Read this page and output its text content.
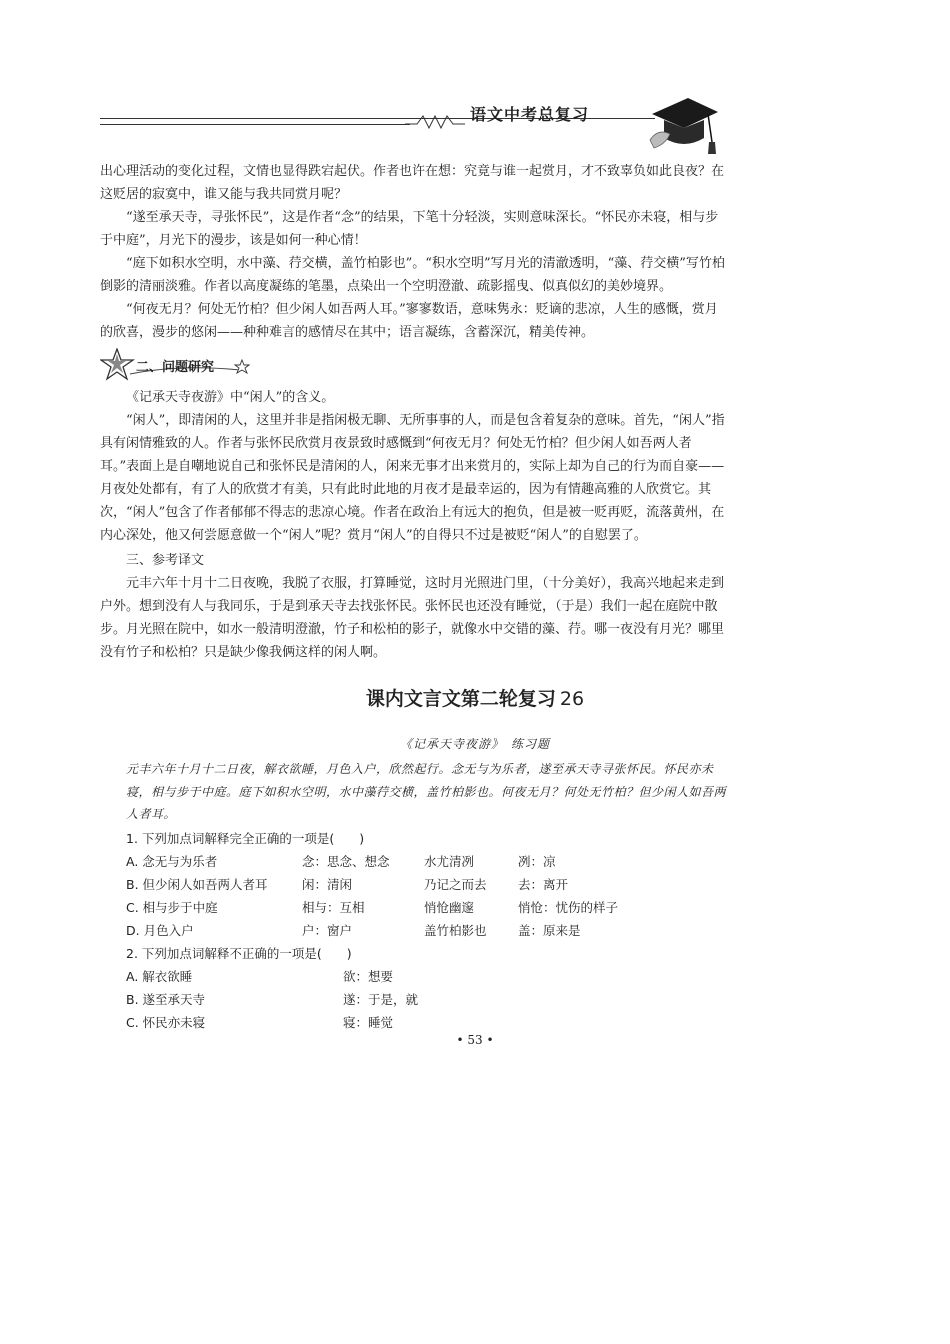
语文中考总复习

出心理活动的变化过程，文情也显得跌宕起伏。作者也许在想：究竟与谁一起赏月，才不致辜负如此良夜？在这贬居的寂寞中，谁又能与我共同赏月呢？

“遂至承天寺，寻张怀民”，这是作者“念”的结果，下笔十分轻淡，实则意味深长。“怀民亦未寝，相与步于中庭”，月光下的漫步，该是如何一种心情！

“庭下如积水空明，水中藻、荇交横，盖竹柏影也”。“积水空明”写月光的清澈透明，“藻、荇交横”写竹柏倒影的清丽淡雅。作者以高度凝练的笔墨，点染出一个空明澄澈、疏影摇曳、似真似幻的美妙境界。

“何夜无月？何处无竹柏？但少闲人如吾两人耳。”寥寥数语，意味隽永：贬谪的悲凉，人生的感慨，赏月的欣喜，漫步的悠闲——种种难言的感情尽在其中；语言凝练，含蓄深沉，精美传神。

二、问题研究

《记承天寺夜游》中“闲人”的含义。

“闲人”，即清闲的人，这里并非是指闲极无聊、无所事事的人，而是包含着复杂的意味。首先，“闲人”指具有闲情雅致的人。作者与张怀民欣赏月夜景致时感慨到“何夜无月？何处无竹柏？但少闲人如吾两人者耳。”表面上是自嘲地说自己和张怀民是清闲的人，闲来无事才出来赏月的，实际上却为自己的行为而自豪——月夜处处都有，有了人的欣赏才有美，只有此时此地的月夜才是最幸运的，因为有情趣高雅的人欣赏它。其次，“闲人”包含了作者郁郁不得志的悲凉心境。作者在政治上有远大的抱负，但是被一贬再贬，流落黄州，在内心深处，他又何尝愿意做一个“闲人”呢？赏月“闲人”的自得只不过是被贬“闲人”的自慰罢了。

三、参考译文

元丰六年十月十二日夜晚，我脱了衣服，打算睡觉，这时月光照进门里，（十分美好），我高兴地起来走到户外。想到没有人与我同乐，于是到承天寺去找张怀民。张怀民也还没有睡觉，（于是）我们一起在庭院中散步。月光照在院中，如水一般清明澄澈，竹子和松柏的影子，就像水中交错的藻、荇。哪一夜没有月光？哪里没有竹子和松柏？只是缺少像我俩这样的闲人啊。

课内文言文第二轮复习 26
《记承天寺夜游》　练习题

元丰六年十月十二日夜，解衣欲睡，月色入户，欣然起行。念无与为乐者，遂至承天寺寻张怀民。怀民亦未寝，相与步于中庭。庭下如积水空明，水中藻荇交横，盖竹柏影也。何夜无月？何处无竹柏？但少闲人如吾两人者耳。

1. 下列加点词解释完全正确的一项是(　　)
A. 念无与为乐者	念：思念、想念	水尤清冽	冽：凉
B. 但少闲人如吾两人者耳	闲：清闲	乃记之而去	去：离开
C. 相与步于中庭	相与：互相	悄怆幽邃	悄怆：忧伤的样子
D. 月色入户	户：窗户	盖竹柏影也	盖：原来是
2. 下列加点词解释不正确的一项是(　　)
A. 解衣欲睡	欲：想要
B. 遂至承天寺	遂：于是，就
C. 怀民亦未寝	寝：睡觉
• 53 •
